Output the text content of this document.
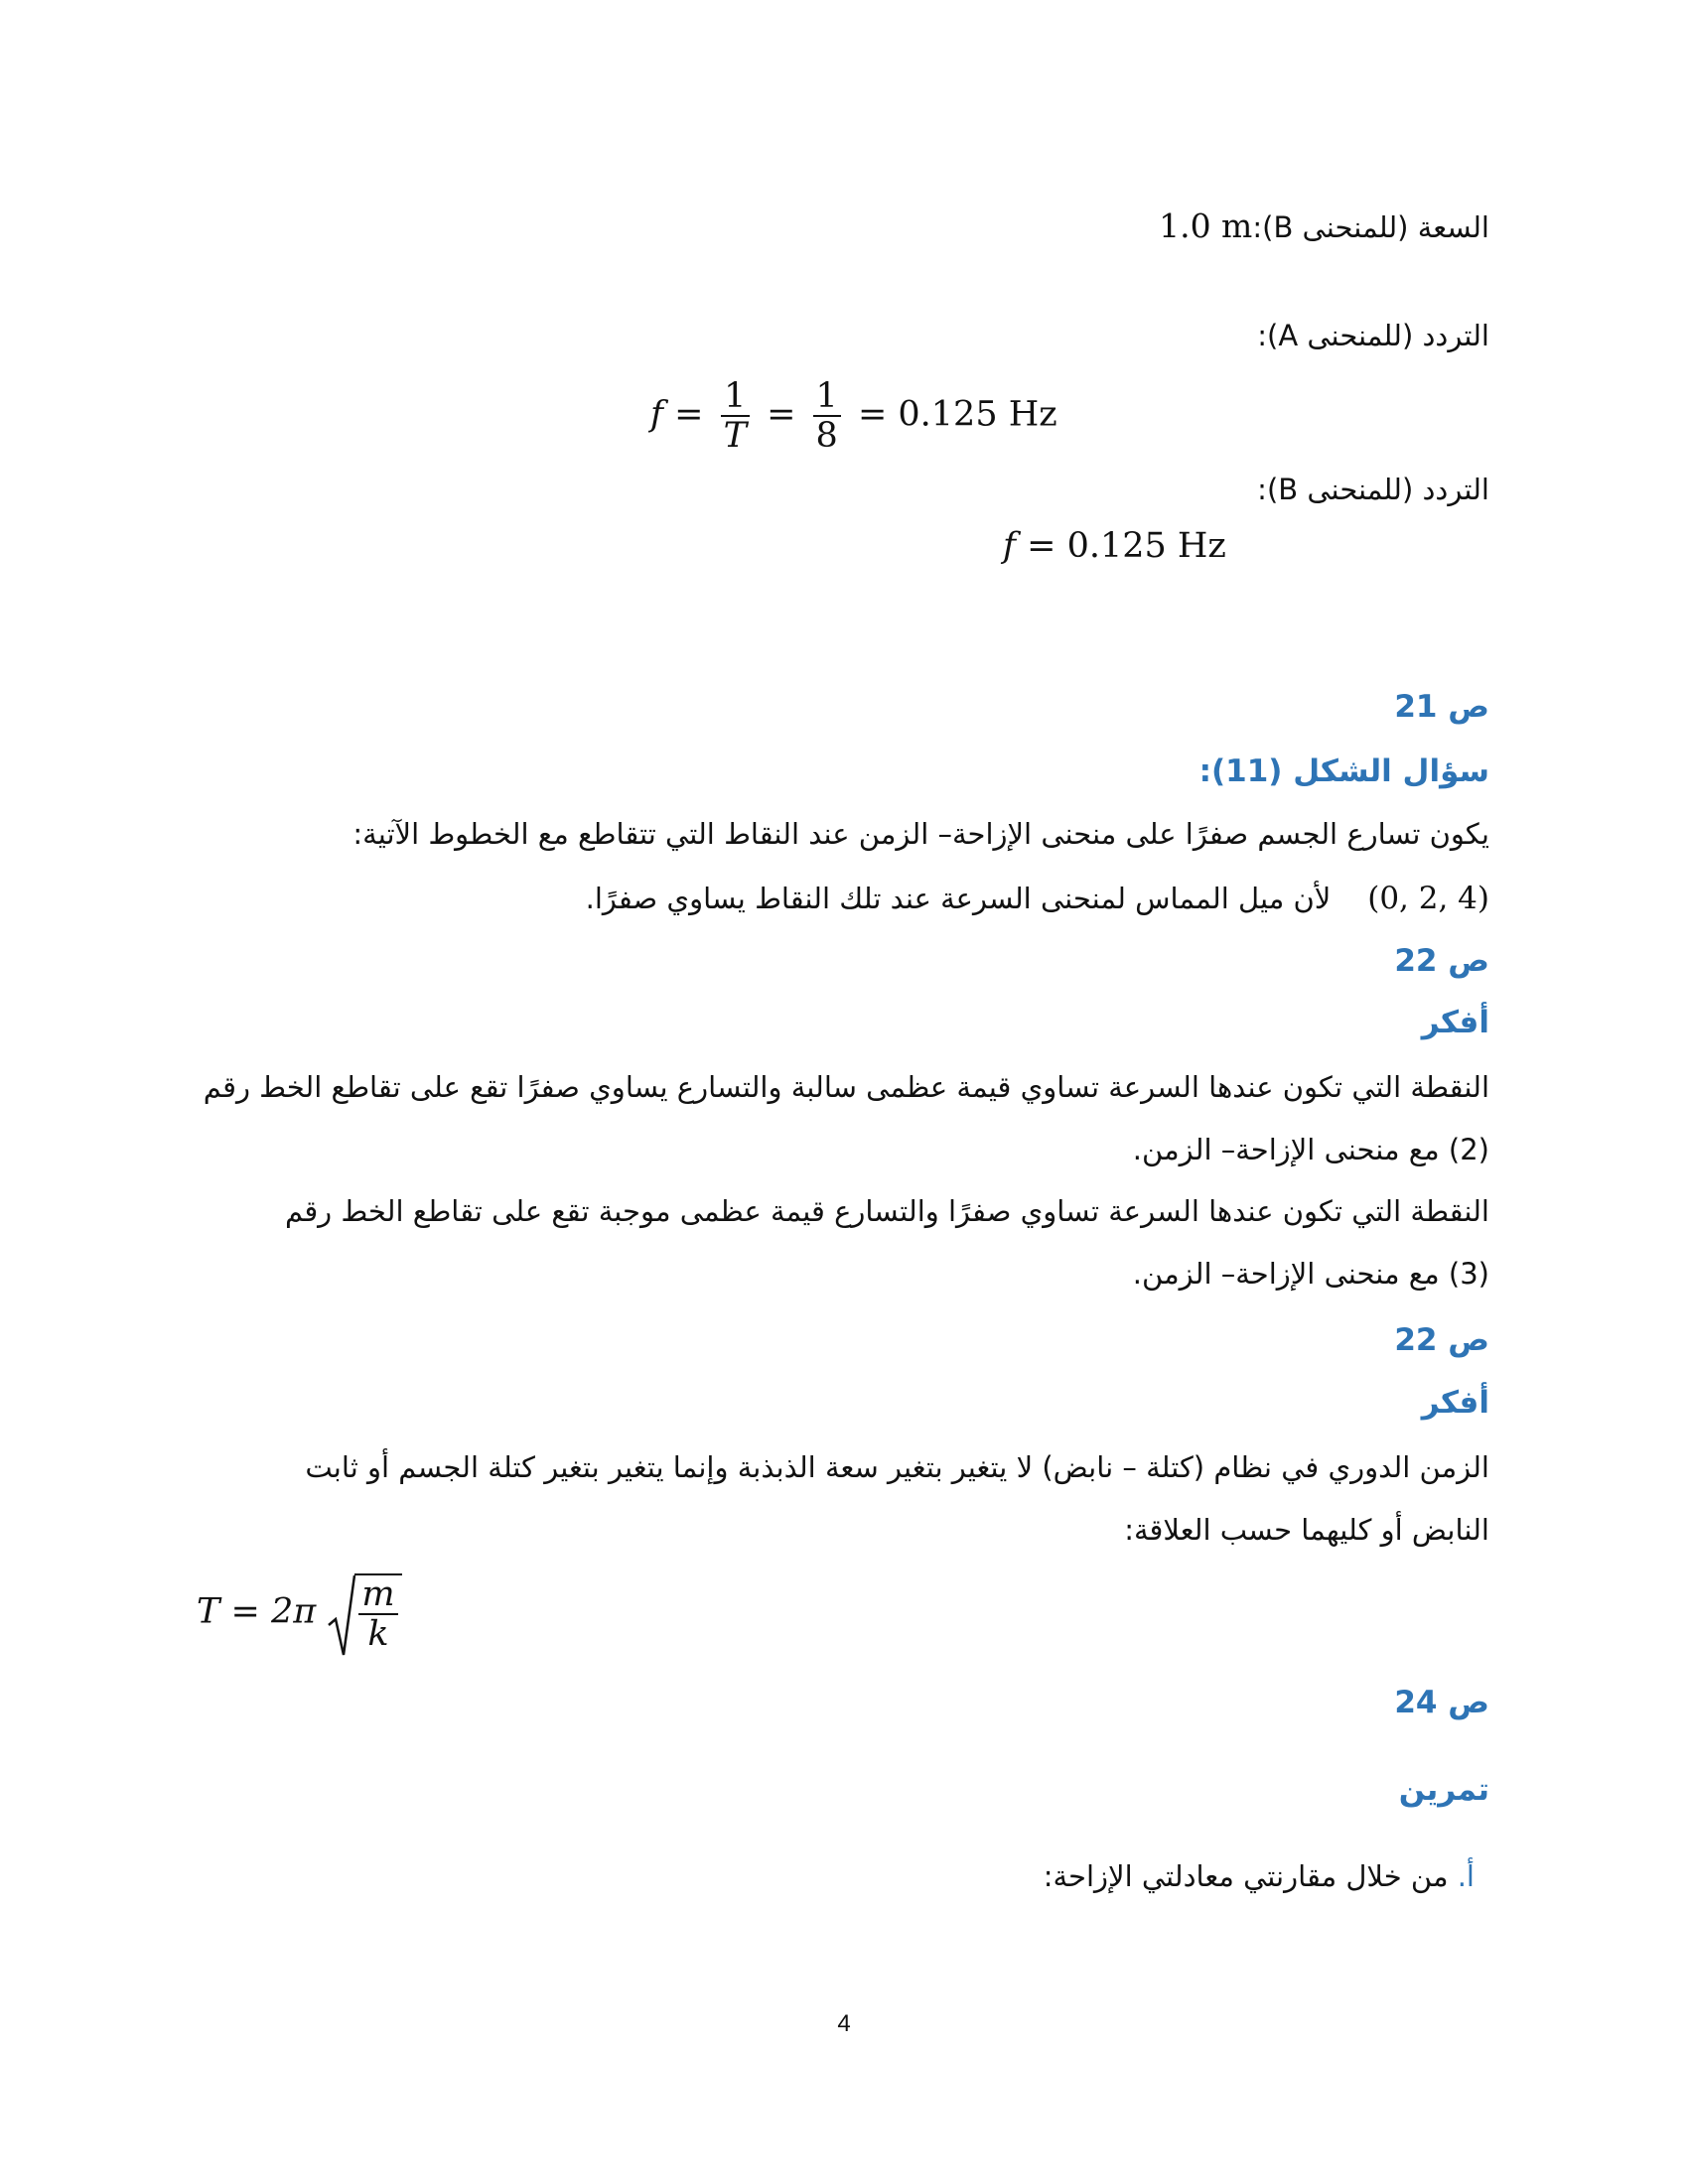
السعة (للمنحنى B):1.0 m
التردد (للمنحنى A):
$f = \frac{1}{T} = \frac{1}{8} = 0.125$ Hz
التردد (للمنحنى B):
f = 0.125 Hz
ص 21
سؤال الشكل (11):
يكون تسارع الجسم صفرًا على منحنى الإزاحة– الزمن عند النقاط التي تتقاطع مع الخطوط الآتية:
(0, 2, 4)    لأن ميل المماس لمنحنى السرعة عند تلك النقاط يساوي صفرًا.
ص 22
أفكر
النقطة التي تكون عندها السرعة تساوي قيمة عظمى سالبة والتسارع يساوي صفرًا تقع على تقاطع الخط رقم
(2) مع منحنى الإزاحة– الزمن.
النقطة التي تكون عندها السرعة تساوي صفرًا والتسارع قيمة عظمى موجبة تقع على تقاطع الخط رقم
(3) مع منحنى الإزاحة– الزمن.
ص 22
أفكر
الزمن الدوري في نظام (كتلة – نابض) لا يتغير بتغير سعة الذبذبة وإنما يتغير بتغير كتلة الجسم أو ثابت
النابض أو كليهما حسب العلاقة:
$T = 2\pi \frac{m}{k}$
ص 24
تمرين
أ. من خلال مقارنتي معادلتي الإزاحة:
4
